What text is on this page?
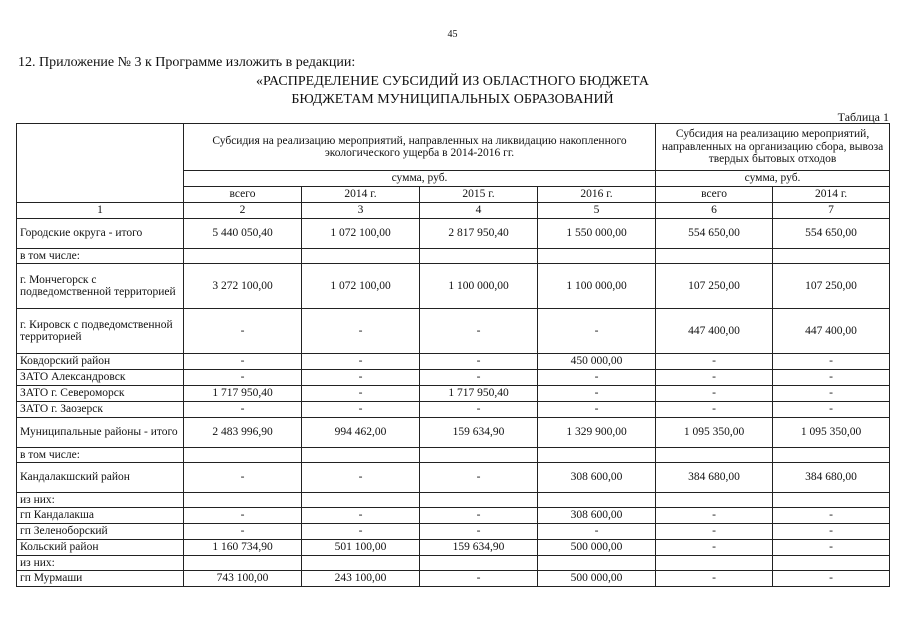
45
12. Приложение № 3 к Программе изложить в редакции:
«РАСПРЕДЕЛЕНИЕ СУБСИДИЙ ИЗ ОБЛАСТНОГО БЮДЖЕТА
БЮДЖЕТАМ МУНИЦИПАЛЬНЫХ ОБРАЗОВАНИЙ
Таблица 1
	Субсидия на реализацию мероприятий, направленных на ликвидацию накопленного экологического ущерба в 2014-2016 гг.				Субсидия на реализацию мероприятий, направленных на организацию сбора, вывоза твердых бытовых отходов	
	сумма, руб.				сумма, руб.	
	всего	2014 г.	2015 г.	2016 г.	всего	2014 г.
1	2	3	4	5	6	7
Городские округа - итого	5 440 050,40	1 072 100,00	2 817 950,40	1 550 000,00	554 650,00	554 650,00
в том числе:						
г. Мончегорск с подведомственной территорией	3 272 100,00	1 072 100,00	1 100 000,00	1 100 000,00	107 250,00	107 250,00
г. Кировск с подведомственной территорией	-	-	-	-	447 400,00	447 400,00
Ковдорский район	-	-	-	450 000,00	-	-
ЗАТО Александровск	-	-	-	-	-	-
ЗАТО г. Североморск	1 717 950,40	-	1 717 950,40	-	-	-
ЗАТО г. Заозерск	-	-	-	-	-	-
Муниципальные районы - итого	2 483 996,90	994 462,00	159 634,90	1 329 900,00	1 095 350,00	1 095 350,00
в том числе:						
Кандалакшский район	-	-	-	308 600,00	384 680,00	384 680,00
из них:						
гп Кандалакша	-	-	-	308 600,00	-	-
гп Зеленоборский	-	-	-	-	-	-
Кольский район	1 160 734,90	501 100,00	159 634,90	500 000,00	-	-
из них:						
гп Мурмаши	743 100,00	243 100,00	-	500 000,00	-	-
